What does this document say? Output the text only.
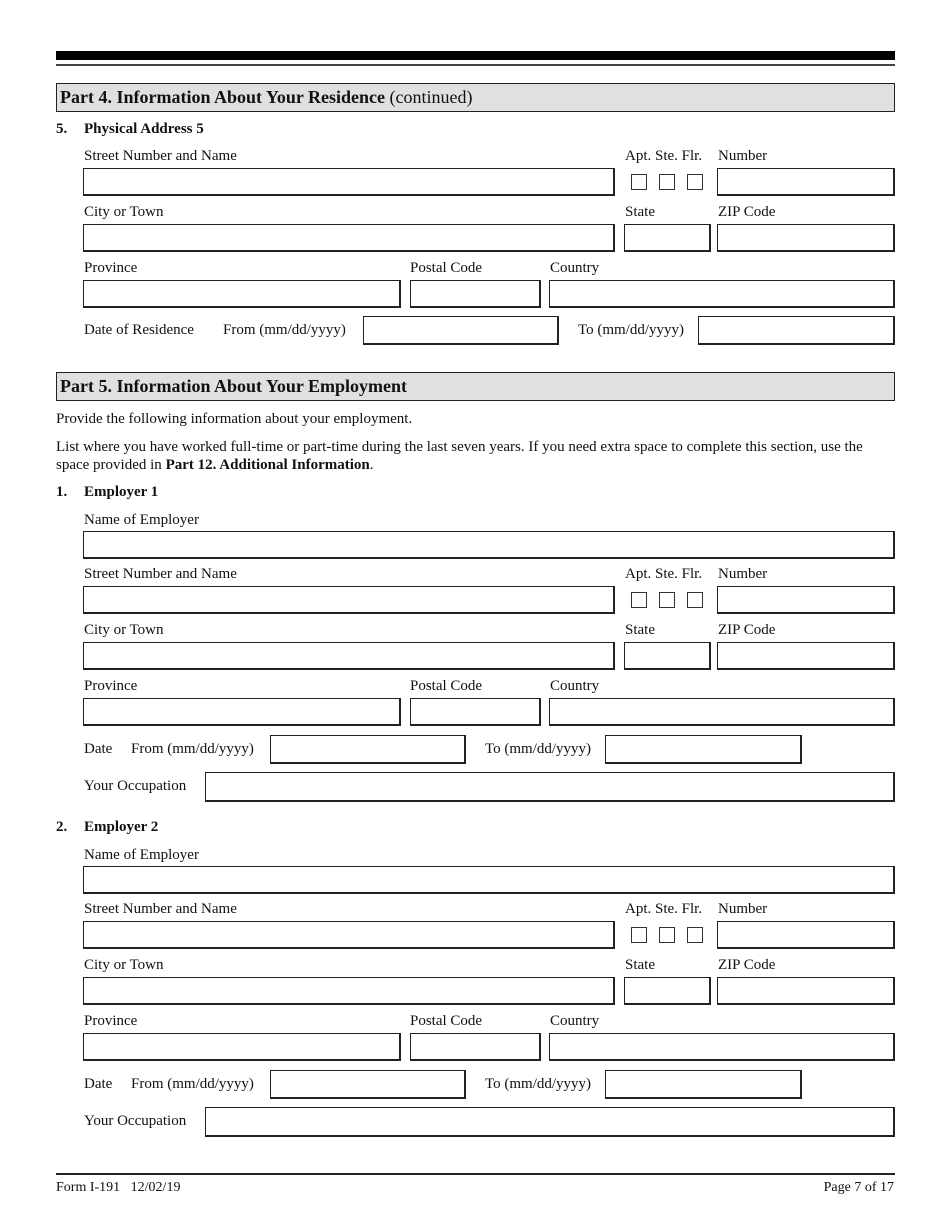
Part 4. Information About Your Residence (continued)
5. Physical Address 5
Street Number and Name	Apt. Ste. Flr. Number
City or Town	State	ZIP Code
Province	Postal Code	Country
Date of Residence From (mm/dd/yyyy)	To (mm/dd/yyyy)
Part 5. Information About Your Employment
Provide the following information about your employment.
List where you have worked full-time or part-time during the last seven years. If you need extra space to complete this section, use the space provided in Part 12. Additional Information.
1. Employer 1
Name of Employer
Street Number and Name	Apt. Ste. Flr. Number
City or Town	State	ZIP Code
Province	Postal Code	Country
Date From (mm/dd/yyyy)	To (mm/dd/yyyy)
Your Occupation
2. Employer 2
Name of Employer
Street Number and Name	Apt. Ste. Flr. Number
City or Town	State	ZIP Code
Province	Postal Code	Country
Date From (mm/dd/yyyy)	To (mm/dd/yyyy)
Your Occupation
Form I-191   12/02/19	Page 7 of 17
